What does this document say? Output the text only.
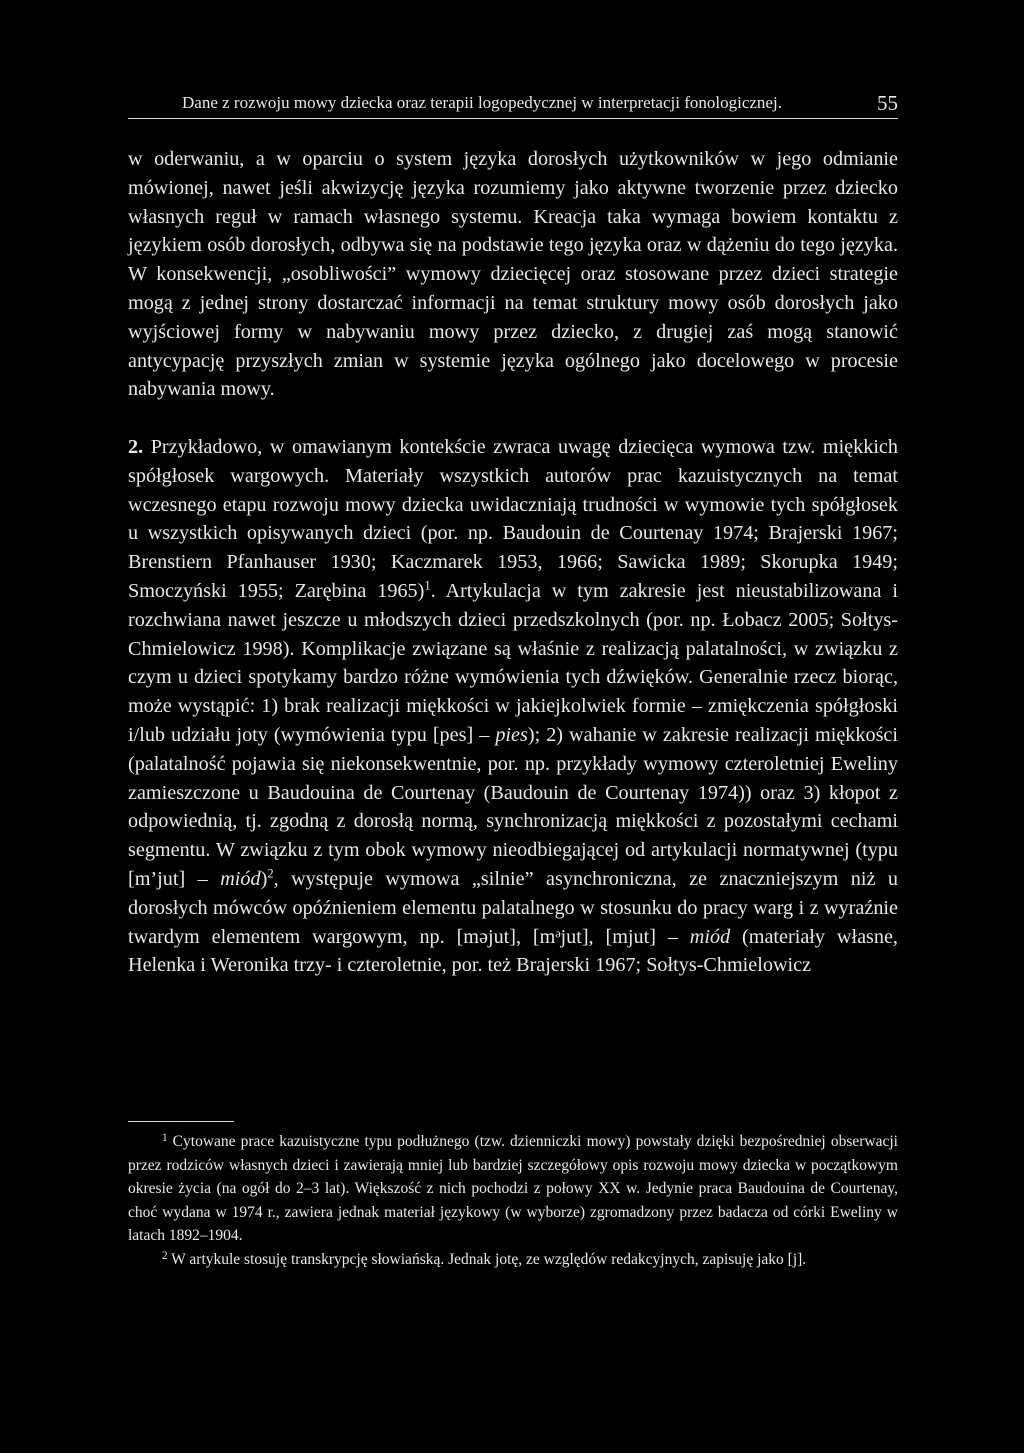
Dane z rozwoju mowy dziecka oraz terapii logopedycznej w interpretacji fonologicznej.	55

w oderwaniu, a w oparciu o system języka dorosłych użytkowników w jego odmianie mówionej, nawet jeśli akwizycję języka rozumiemy jako aktywne tworzenie przez dziecko własnych reguł w ramach własnego systemu. Kreacja taka wymaga bowiem kontaktu z językiem osób dorosłych, odbywa się na podstawie tego języka oraz w dążeniu do tego języka. W konsekwencji, „osobliwości” wymowy dziecięcej oraz stosowane przez dzieci strategie mogą z jednej strony dostarczać informacji na temat struktury mowy osób dorosłych jako wyjściowej formy w nabywaniu mowy przez dziecko, z drugiej zaś mogą stanowić antycypację przyszłych zmian w systemie języka ogólnego jako docelowego w procesie nabywania mowy.

2. Przykładowo, w omawianym kontekście zwraca uwagę dziecięca wymowa tzw. miękkich spółgłosek wargowych. Materiały wszystkich autorów prac kazuistycznych na temat wczesnego etapu rozwoju mowy dziecka uwidaczniają trudności w wymowie tych spółgłosek u wszystkich opisywanych dzieci (por. np. Baudouin de Courtenay 1974; Brajerski 1967; Brenstiern Pfanhauser 1930; Kaczmarek 1953, 1966; Sawicka 1989; Skorupka 1949; Smoczyński 1955; Zarębina 1965)$^1$. Artykulacja w tym zakresie jest nieustabilizowana i rozchwiana nawet jeszcze u młodszych dzieci przedszkolnych (por. np. Łobacz 2005; Sołtys-Chmielowicz 1998). Komplikacje związane są właśnie z realizacją palatalności, w związku z czym u dzieci spotykamy bardzo różne wymówienia tych dźwięków. Generalnie rzecz biorąc, może wystąpić: 1) brak realizacji miękkości w jakiejkolwiek formie – zmiękczenia spółgłoski i/lub udziału joty (wymówienia typu [pes] – pies); 2) wahanie w zakresie realizacji miękkości (palatalność pojawia się niekonsekwentnie, por. np. przykłady wymowy czteroletniej Eweliny zamieszczone u Baudouina de Courtenay (Baudouin de Courtenay 1974)) oraz 3) kłopot z odpowiednią, tj. zgodną z dorosłą normą, synchronizacją miękkości z pozostałymi cechami segmentu. W związku z tym obok wymowy nieodbiegającej od artykulacji normatywnej (typu [m’jut] – miód)$^2$, występuje wymowa „silnie” asynchroniczna, ze znaczniejszym niż u dorosłych mówców opóźnieniem elementu palatalnego w stosunku do pracy warg i z wyraźnie twardym elementem wargowym, np. [məjut], [mᵊjut], [mjut] – miód (materiały własne, Helenka i Weronika trzy- i czteroletnie, por. też Brajerski 1967; Sołtys-Chmielowicz

$^1$ Cytowane prace kazuistyczne typu podłużnego (tzw. dzienniczki mowy) powstały dzięki bezpośredniej obserwacji przez rodziców własnych dzieci i zawierają mniej lub bardziej szczegółowy opis rozwoju mowy dziecka w początkowym okresie życia (na ogół do 2–3 lat). Większość z nich pochodzi z połowy XX w. Jedynie praca Baudouina de Courtenay, choć wydana w 1974 r., zawiera jednak materiał językowy (w wyborze) zgromadzony przez badacza od córki Eweliny w latach 1892–1904.

$^2$ W artykule stosuję transkrypcję słowiańską. Jednak jotę, ze względów redakcyjnych, zapisuję jako [j].
